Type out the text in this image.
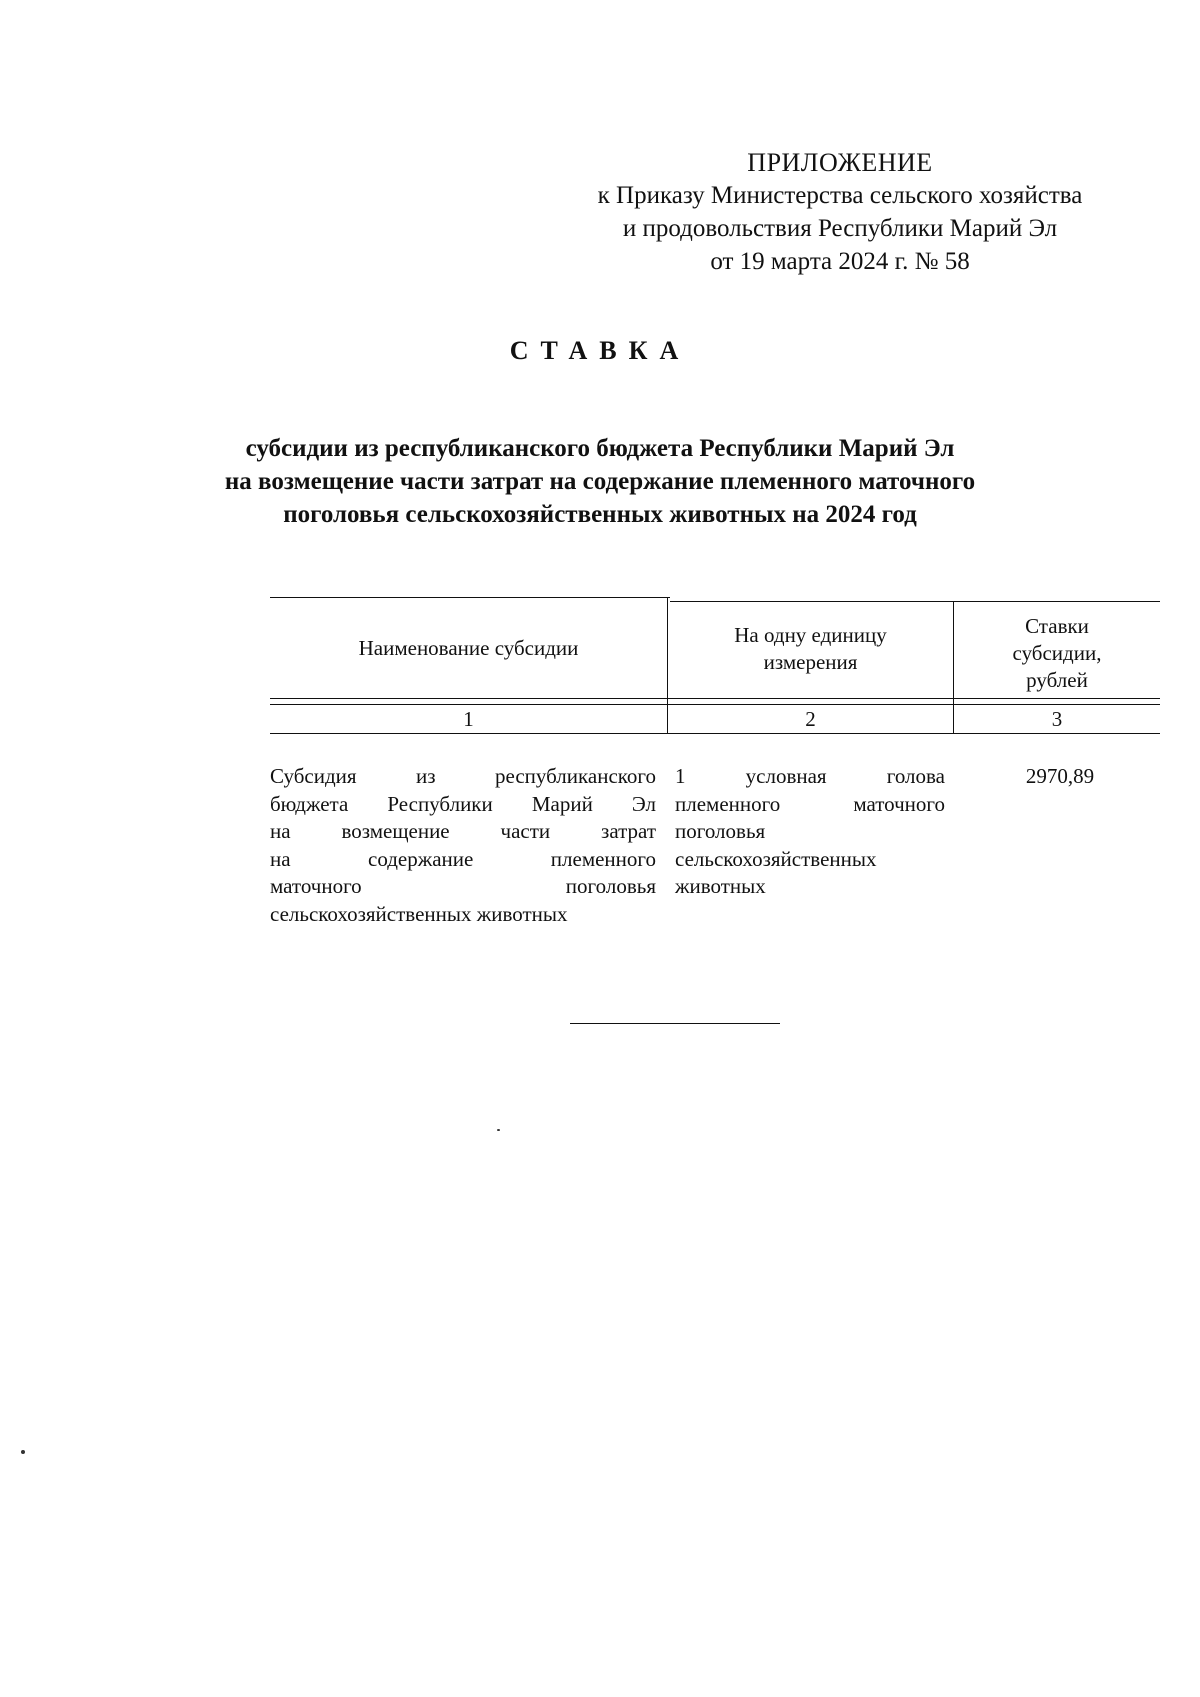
ПРИЛОЖЕНИЕ
к Приказу Министерства сельского хозяйства
и продовольствия Республики Марий Эл
от 19 марта 2024 г. № 58
СТАВКА
субсидии из республиканского бюджета Республики Марий Эл
на возмещение части затрат на содержание племенного маточного
поголовья сельскохозяйственных животных на 2024 год
Наименование субсидии
На одну единицу
измерения
Ставки
субсидии,
рублей
1	2	3
Субсидия из республиканского
бюджета Республики Марий Эл
на возмещение части затрат
на содержание племенного
маточного поголовья
сельскохозяйственных животных
1 условная голова
племенного маточного
поголовья
сельскохозяйственных
животных
2970,89
